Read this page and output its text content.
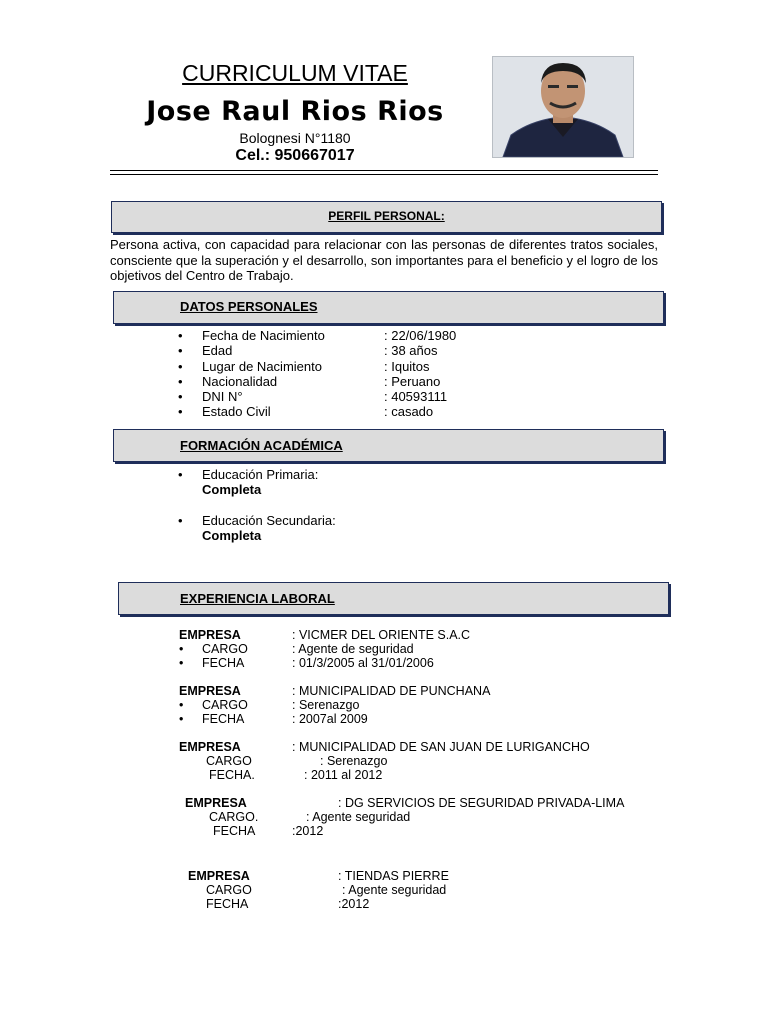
CURRICULUM VITAE
Jose Raul Rios Rios
Bolognesi N°1180
Cel.: 950667017
PERFIL PERSONAL:
Persona activa, con capacidad para relacionar con las personas de diferentes tratos sociales, consciente que la superación y el desarrollo, son importantes para el beneficio y el logro de los objetivos del Centro de Trabajo.
DATOS PERSONALES
• Fecha de Nacimiento	: 22/06/1980
• Edad	: 38 años
• Lugar de Nacimiento	: Iquitos
• Nacionalidad	: Peruano
• DNI N°	: 40593111
• Estado Civil	: casado
FORMACIÓN ACADÉMICA
• Educación Primaria:
Completa
• Educación Secundaria:
Completa
EXPERIENCIA LABORAL
EMPRESA	: VICMER DEL ORIENTE S.A.C
• CARGO	: Agente de seguridad
• FECHA	: 01/3/2005 al 31/01/2006
EMPRESA	: MUNICIPALIDAD DE PUNCHANA
• CARGO	: Serenazgo
• FECHA	: 2007al 2009
EMPRESA	: MUNICIPALIDAD DE SAN JUAN DE LURIGANCHO
CARGO	: Serenazgo
FECHA.	: 2011 al 2012
EMPRESA	: DG SERVICIOS DE SEGURIDAD PRIVADA-LIMA
CARGO.	: Agente seguridad
FECHA	:2012
EMPRESA	: TIENDAS PIERRE
CARGO	: Agente seguridad
FECHA	:2012
